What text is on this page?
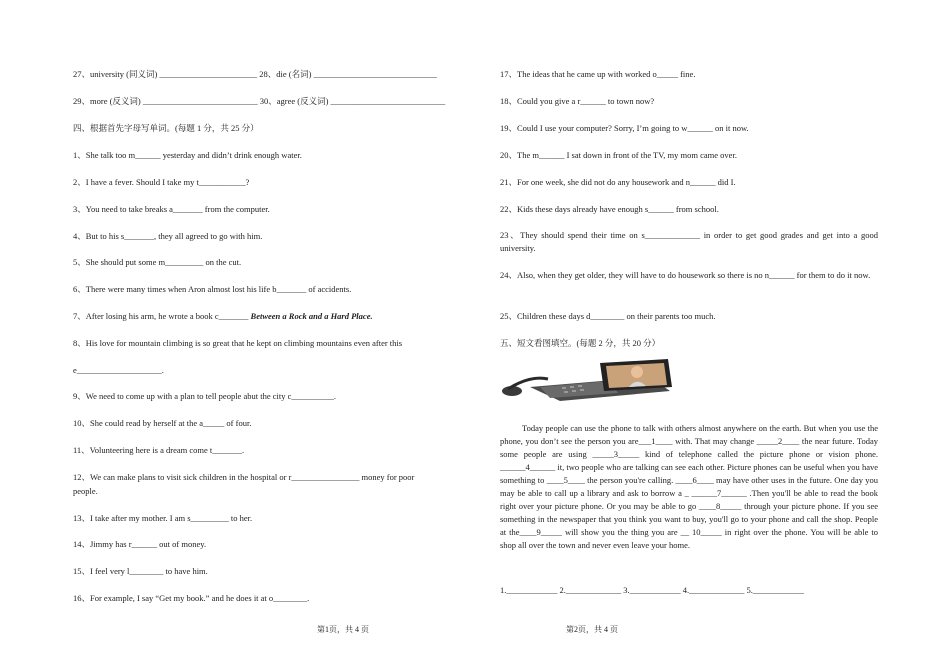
27、university (同义词) _______________________ 28、die (名词) _____________________________
29、more (反义词) ___________________________ 30、agree (反义词) ___________________________
四、根据首先字母写单词。(每题 1 分，共 25 分）
1、She talk too m______ yesterday and didn’t drink enough water.
2、I have a fever. Should I take my t___________?
3、You need to take breaks a_______ from the computer.
4、But to his s_______, they all agreed to go with him.
5、She should put some m_________ on the cut.
6、There were many times when Aron almost lost his life b_______ of accidents.
7、After losing his arm, he wrote a book c_______ Between a Rock and a Hard Place.
8、His love for mountain climbing is so great that he kept on climbing mountains even after this
e____________________.
9、We need to come up with a plan to tell people abut the city c__________.
10、She could read by herself at the a_____ of four.
11、Volunteering here is a dream come t_______.
12、We can make plans to visit sick children in the hospital or r________________ money for poor
people.
13、I take after my mother. I am s_________ to her.
14、Jimmy has r______ out of money.
15、I feel very l________ to have him.
16、For example, I say “Get my book.” and he does it at o________.
第1页，共 4 页
17、The ideas that he came up with worked o_____ fine.
18、Could you give a r______ to town now?
19、Could I use your computer? Sorry, I’m going to w______ on it now.
20、The m______ I sat down in front of the TV, my mom came over.
21、For one week, she did not do any housework and n______ did I.
22、Kids these days already have enough s______ from school.
23、They should spend their time on s_____________ in order to get good grades and get into a good university.
24、Also, when they get older, they will have to do housework so there is no n______ for them to do it now.
25、Children these days d________ on their parents too much.
五、短文看图填空。(每题 2 分，共 20 分）
Today people can use the phone to talk with others almost anywhere on the earth. But when you use the phone, you don’t see the person you are___1____ with. That may change _____2____ the near future. Today some people are using _____3_____ kind of telephone called the picture phone or vision phone. ______4______ it, two people who are talking can see each other. Picture phones can be useful when you have something to ____5____ the person you're calling. ____6____ may have other uses in the future. One day you may be able to call up a library and ask to borrow a _ ______7______ .Then you'll be able to read the book right over your picture phone. Or you may be able to go ____8_____ through your picture phone. If you see something in the newspaper that you think you want to buy, you'll go to your phone and call the shop. People at the____9_____ will show you the thing you are __ 10_____ in right over the phone. You will be able to shop all over the town and never even leave your home.
1.____________ 2._____________ 3.____________ 4._____________ 5.____________
第2页，共 4 页
